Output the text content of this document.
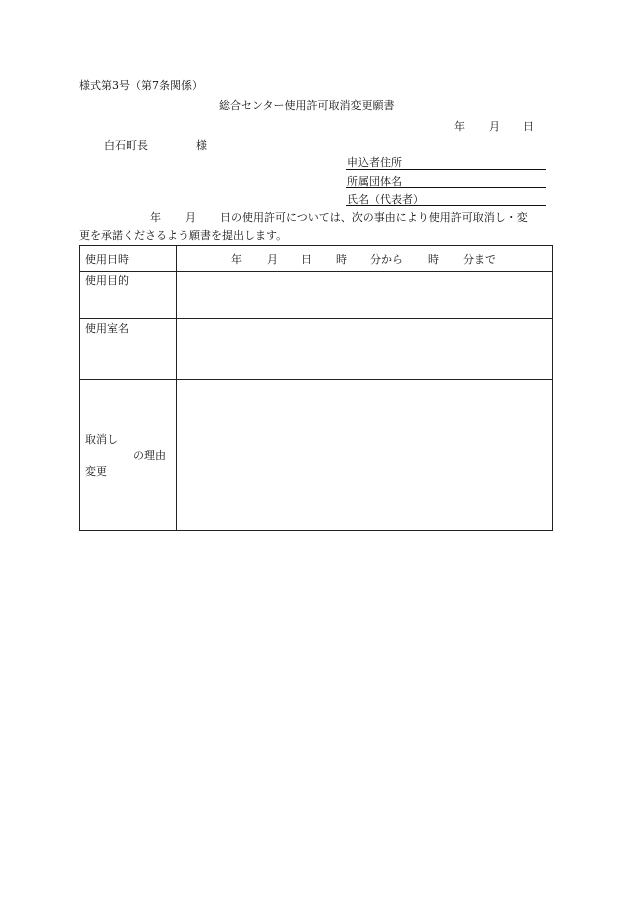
様式第3号（第7条関係）
総合センター使用許可取消変更願書
年 月 日
白石町長	様
申込者住所
所属団体名
氏名（代表者）
年 月 日の使用許可については、次の事由により使用許可取消し・変
更を承諾くださるよう願書を提出します。
使用日時	年 月 日 時 分から 時 分まで
使用目的
使用室名
取消し
の理由
変更
